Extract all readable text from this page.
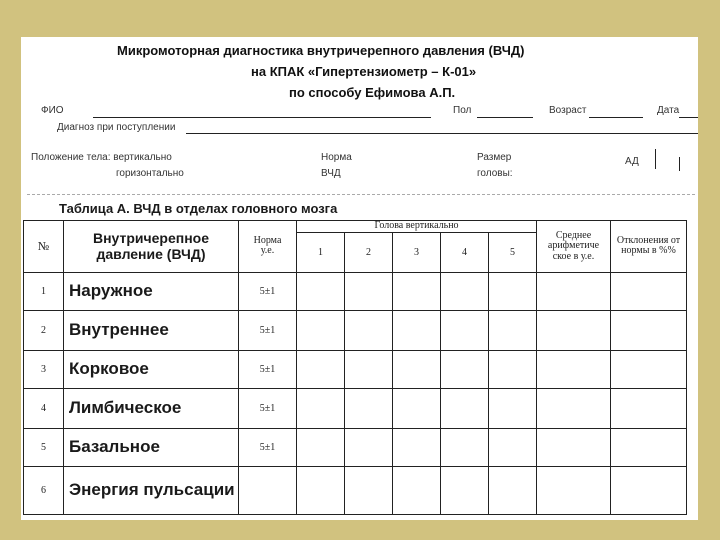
Микромоторная диагностика внутричерепного давления (ВЧД)
на КПАК «Гипертензиометр – К-01»
по способу Ефимова А.П.
ФИО	Пол	Возраст	Дата
Диагноз при поступлении
Положение тела: вертикально
горизонтально
Норма
ВЧД
Размер
головы:
АД
Таблица А. ВЧД в отделах головного мозга
№	Внутричерепное давление (ВЧД)	Норма у.е.	Голова вертикально					Среднее арифметиче ское в у.е.	Отклонения от нормы в %%
			1	2	3	4	5		
1	Наружное	5±1							
2	Внутреннее	5±1							
3	Корковое	5±1							
4	Лимбическое	5±1							
5	Базальное	5±1							
6	Энергия пульсации								
